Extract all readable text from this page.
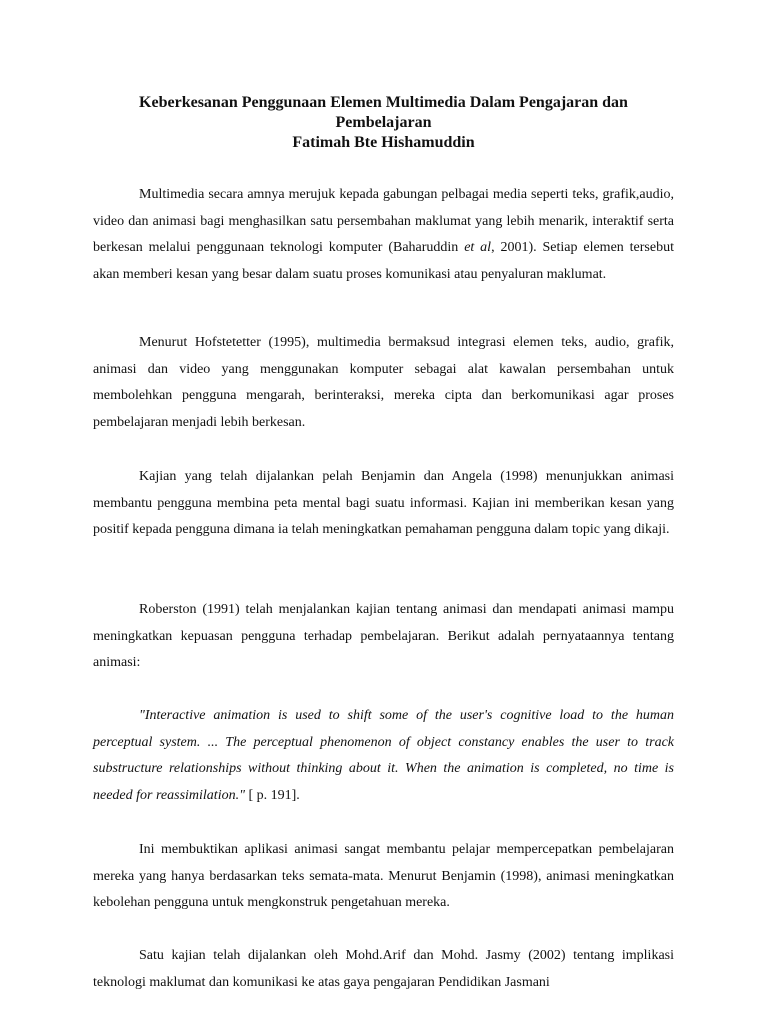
Keberkesanan Penggunaan Elemen Multimedia Dalam Pengajaran dan
Pembelajaran
Fatimah Bte Hishamuddin

Multimedia secara amnya merujuk kepada gabungan pelbagai media seperti teks, grafik,audio, video dan animasi bagi menghasilkan satu persembahan maklumat yang lebih menarik, interaktif serta berkesan melalui penggunaan teknologi komputer (Baharuddin et al, 2001). Setiap elemen tersebut akan memberi kesan yang besar dalam suatu proses komunikasi atau penyaluran maklumat.

Menurut Hofstetetter (1995), multimedia bermaksud integrasi elemen teks, audio, grafik, animasi dan video yang menggunakan komputer sebagai alat kawalan persembahan untuk membolehkan pengguna mengarah, berinteraksi, mereka cipta dan berkomunikasi agar proses pembelajaran menjadi lebih berkesan.

Kajian yang telah dijalankan pelah Benjamin dan Angela (1998) menunjukkan animasi membantu pengguna membina peta mental bagi suatu informasi. Kajian ini memberikan kesan yang positif kepada pengguna dimana ia telah meningkatkan pemahaman pengguna dalam topic yang dikaji.

Roberston (1991) telah menjalankan kajian tentang animasi dan mendapati animasi mampu meningkatkan kepuasan pengguna terhadap pembelajaran. Berikut adalah pernyataannya tentang animasi:

"Interactive animation is used to shift some of the user's cognitive load to the human perceptual system. ... The perceptual phenomenon of object constancy enables the user to track substructure relationships without thinking about it. When the animation is completed, no time is needed for reassimilation." [ p. 191].

Ini membuktikan aplikasi animasi sangat membantu pelajar mempercepatkan pembelajaran mereka yang hanya berdasarkan teks semata-mata. Menurut Benjamin (1998), animasi meningkatkan kebolehan pengguna untuk mengkonstruk pengetahuan mereka.

Satu kajian telah dijalankan oleh Mohd.Arif dan Mohd. Jasmy (2002) tentang implikasi teknologi maklumat dan komunikasi ke atas gaya pengajaran Pendidikan Jasmani
